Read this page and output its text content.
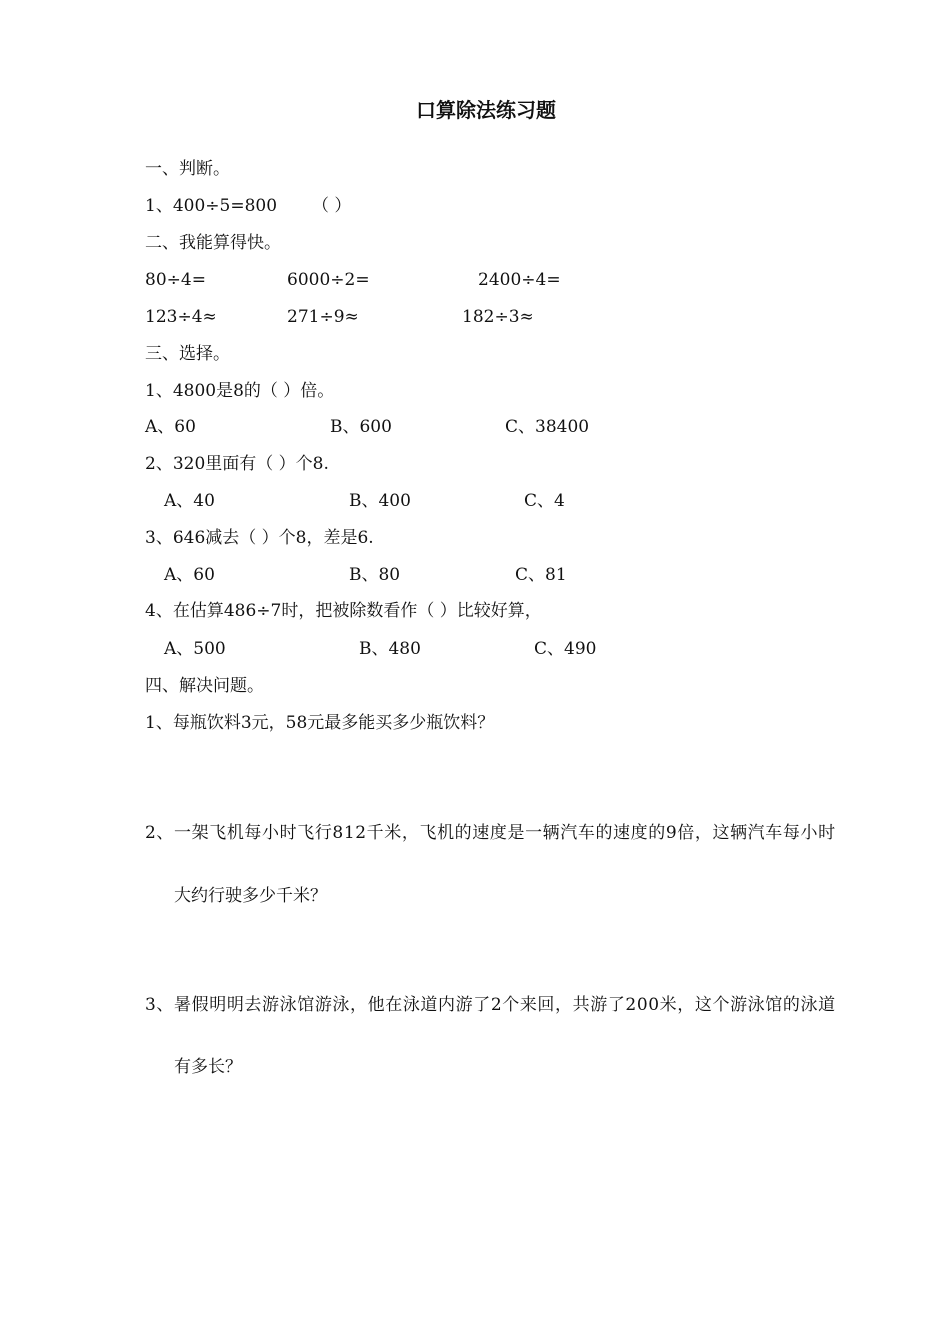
口算除法练习题
一、判断。
1、400÷5=800 （ ）
二、我能算得快。
80÷4=	6000÷2=	2400÷4=
123÷4≈	271÷9≈	182÷3≈
三、选择。
1、4800是8的（ ）倍。
A、60	B、600	C、38400
2、320里面有（ ）个8.
A、40	B、400	C、4
3、646减去（ ）个8，差是6.
A、60	B、80	C、81
4、在估算486÷7时，把被除数看作（ ）比较好算，
A、500	B、480	C、490
四、解决问题。
1、每瓶饮料3元，58元最多能买多少瓶饮料？
2、一架飞机每小时飞行812千米，飞机的速度是一辆汽车的速度的9倍，这辆汽车每小时
大约行驶多少千米？
3、暑假明明去游泳馆游泳，他在泳道内游了2个来回，共游了200米，这个游泳馆的泳道
有多长？
